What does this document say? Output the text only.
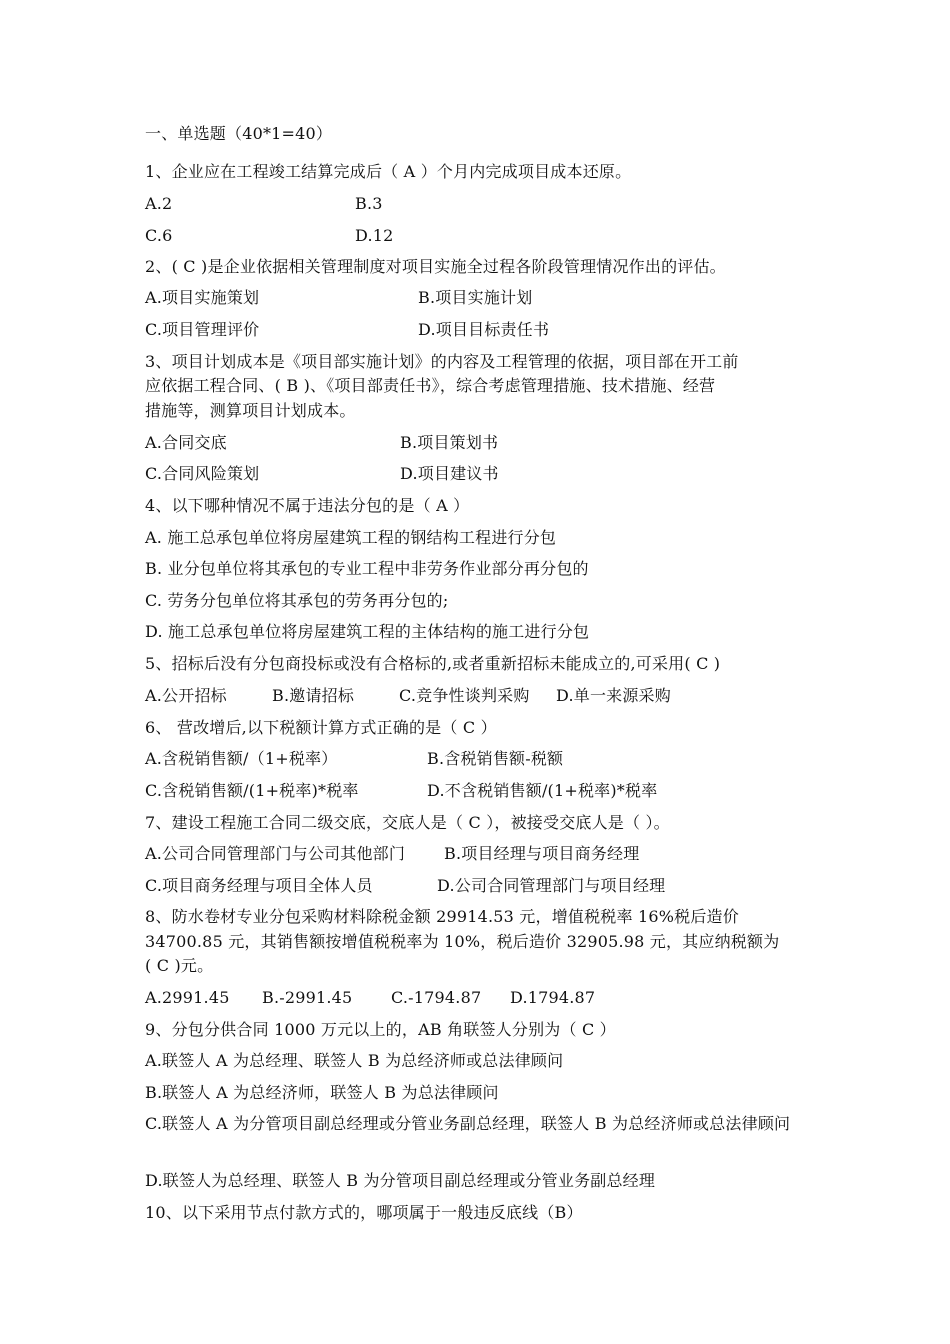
一、单选题（40*1=40）
1、企业应在工程竣工结算完成后（ A ）个月内完成项目成本还原。
A.2	B.3
C.6	D.12
2、( C )是企业依据相关管理制度对项目实施全过程各阶段管理情况作出的评估。
A.项目实施策划	B.项目实施计划
C.项目管理评价	D.项目目标责任书
3、项目计划成本是《项目部实施计划》的内容及工程管理的依据，项目部在开工前
应依据工程合同、( B )、《项目部责任书》，综合考虑管理措施、技术措施、经营
措施等，测算项目计划成本。
A.合同交底	B.项目策划书
C.合同风险策划	D.项目建议书
4、以下哪种情况不属于违法分包的是（ A ）
A. 施工总承包单位将房屋建筑工程的钢结构工程进行分包
B. 业分包单位将其承包的专业工程中非劳务作业部分再分包的
C. 劳务分包单位将其承包的劳务再分包的;
D. 施工总承包单位将房屋建筑工程的主体结构的施工进行分包
5、招标后没有分包商投标或没有合格标的,或者重新招标未能成立的,可采用( C )
A.公开招标	B.邀请招标	C.竞争性谈判采购 D.单一来源采购
6、 营改增后,以下税额计算方式正确的是（ C ）
A.含税销售额/（1+税率）	B.含税销售额-税额
C.含税销售额/(1+税率)*税率	D.不含税销售额/(1+税率)*税率
7、建设工程施工合同二级交底，交底人是（ C ），被接受交底人是（ ）。
A.公司合同管理部门与公司其他部门 B.项目经理与项目商务经理
C.项目商务经理与项目全体人员	D.公司合同管理部门与项目经理
8、防水卷材专业分包采购材料除税金额 29914.53 元，增值税税率 16%税后造价
34700.85 元，其销售额按增值税税率为 10%，税后造价 32905.98 元，其应纳税额为
( C )元。
A.2991.45 B.-2991.45 C.-1794.87 D.1794.87
9、分包分供合同 1000 万元以上的，AB 角联签人分别为（ C ）
A.联签人 A 为总经理、联签人 B 为总经济师或总法律顾问
B.联签人 A 为总经济师，联签人 B 为总法律顾问
C.联签人 A 为分管项目副总经理或分管业务副总经理，联签人 B 为总经济师或总法律顾问
D.联签人为总经理、联签人 B 为分管项目副总经理或分管业务副总经理
10、以下采用节点付款方式的，哪项属于一般违反底线（B）
